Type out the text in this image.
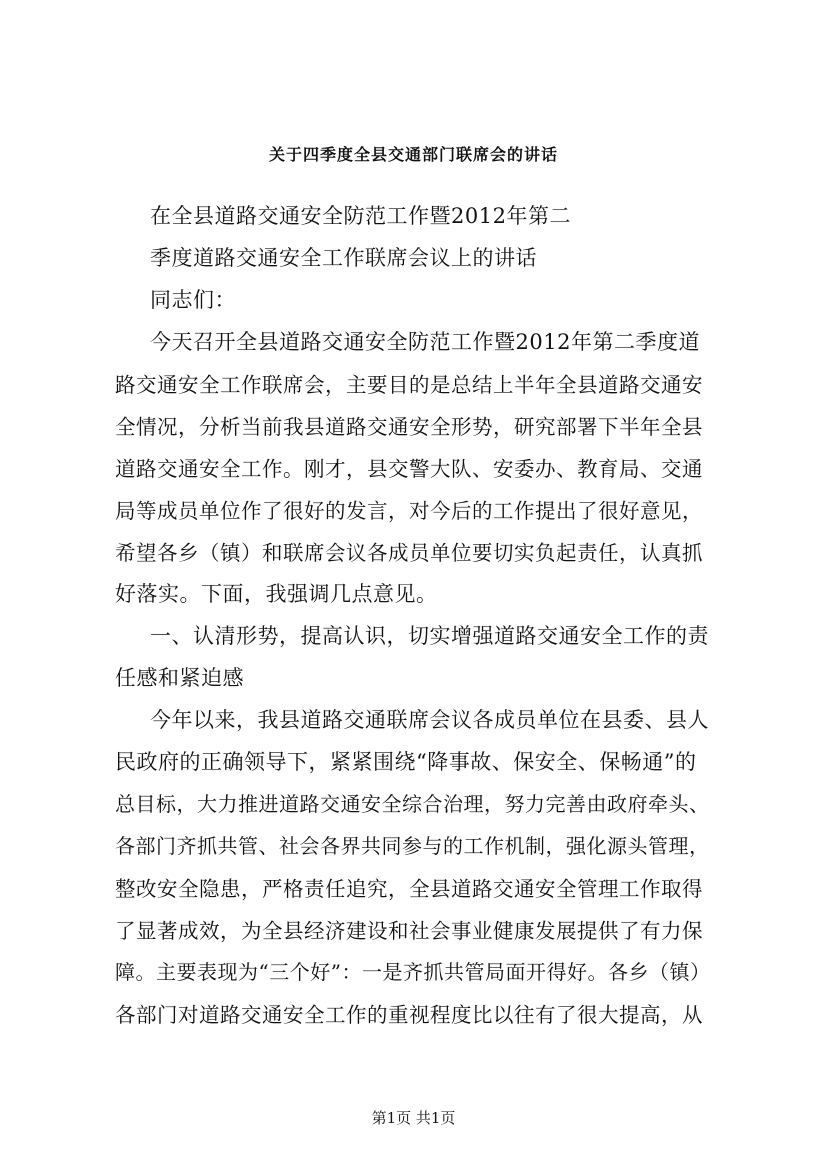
关于四季度全县交通部门联席会的讲话
在全县道路交通安全防范工作暨2012年第二
季度道路交通安全工作联席会议上的讲话
同志们：
今天召开全县道路交通安全防范工作暨2012年第二季度道
路交通安全工作联席会，主要目的是总结上半年全县道路交通安
全情况，分析当前我县道路交通安全形势，研究部署下半年全县
道路交通安全工作。刚才，县交警大队、安委办、教育局、交通
局等成员单位作了很好的发言，对今后的工作提出了很好意见，
希望各乡（镇）和联席会议各成员单位要切实负起责任，认真抓
好落实。下面，我强调几点意见。
一、认清形势，提高认识，切实增强道路交通安全工作的责
任感和紧迫感
今年以来，我县道路交通联席会议各成员单位在县委、县人
民政府的正确领导下，紧紧围绕“降事故、保安全、保畅通”的
总目标，大力推进道路交通安全综合治理，努力完善由政府牵头、
各部门齐抓共管、社会各界共同参与的工作机制，强化源头管理，
整改安全隐患，严格责任追究，全县道路交通安全管理工作取得
了显著成效，为全县经济建设和社会事业健康发展提供了有力保
障。主要表现为“三个好”：一是齐抓共管局面开得好。各乡（镇）
各部门对道路交通安全工作的重视程度比以往有了很大提高，从
第1页 共1页
